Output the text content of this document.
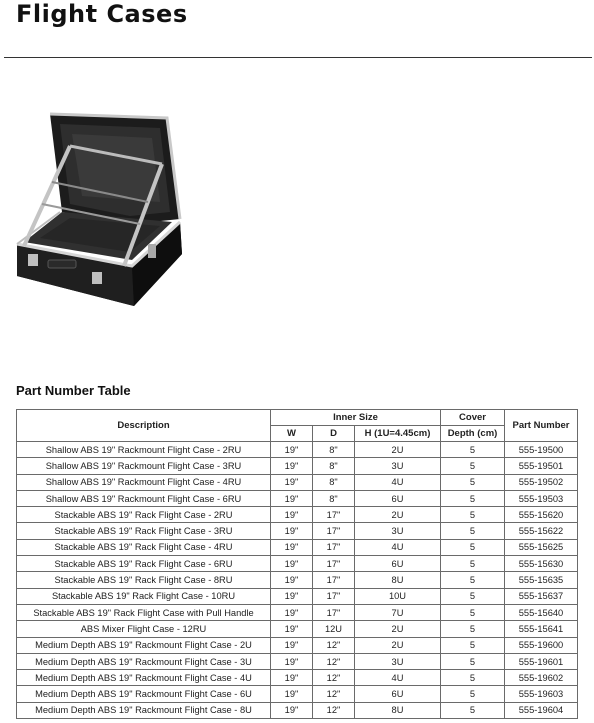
Flight Cases
Part Number Table
Description	Inner Size			Cover	Part Number
	W	D	H (1U=4.45cm)	Depth (cm)	
Shallow ABS 19" Rackmount Flight Case - 2RU	19"	8"	2U	5	555-19500
Shallow ABS 19" Rackmount Flight Case - 3RU	19"	8"	3U	5	555-19501
Shallow ABS 19" Rackmount Flight Case - 4RU	19"	8"	4U	5	555-19502
Shallow ABS 19" Rackmount Flight Case - 6RU	19"	8"	6U	5	555-19503
Stackable ABS 19" Rack Flight Case - 2RU	19"	17"	2U	5	555-15620
Stackable ABS 19" Rack Flight Case - 3RU	19"	17"	3U	5	555-15622
Stackable ABS 19" Rack Flight Case - 4RU	19"	17"	4U	5	555-15625
Stackable ABS 19" Rack Flight Case - 6RU	19"	17"	6U	5	555-15630
Stackable ABS 19" Rack Flight Case - 8RU	19"	17"	8U	5	555-15635
Stackable ABS 19" Rack Flight Case - 10RU	19"	17"	10U	5	555-15637
Stackable ABS 19" Rack Flight Case with Pull Handle	19"	17"	7U	5	555-15640
ABS Mixer Flight Case - 12RU	19"	12U	2U	5	555-15641
Medium Depth ABS 19" Rackmount Flight Case - 2U	19"	12"	2U	5	555-19600
Medium Depth ABS 19" Rackmount Flight Case - 3U	19"	12"	3U	5	555-19601
Medium Depth ABS 19" Rackmount Flight Case - 4U	19"	12"	4U	5	555-19602
Medium Depth ABS 19" Rackmount Flight Case - 6U	19"	12"	6U	5	555-19603
Medium Depth ABS 19" Rackmount Flight Case - 8U	19"	12"	8U	5	555-19604
